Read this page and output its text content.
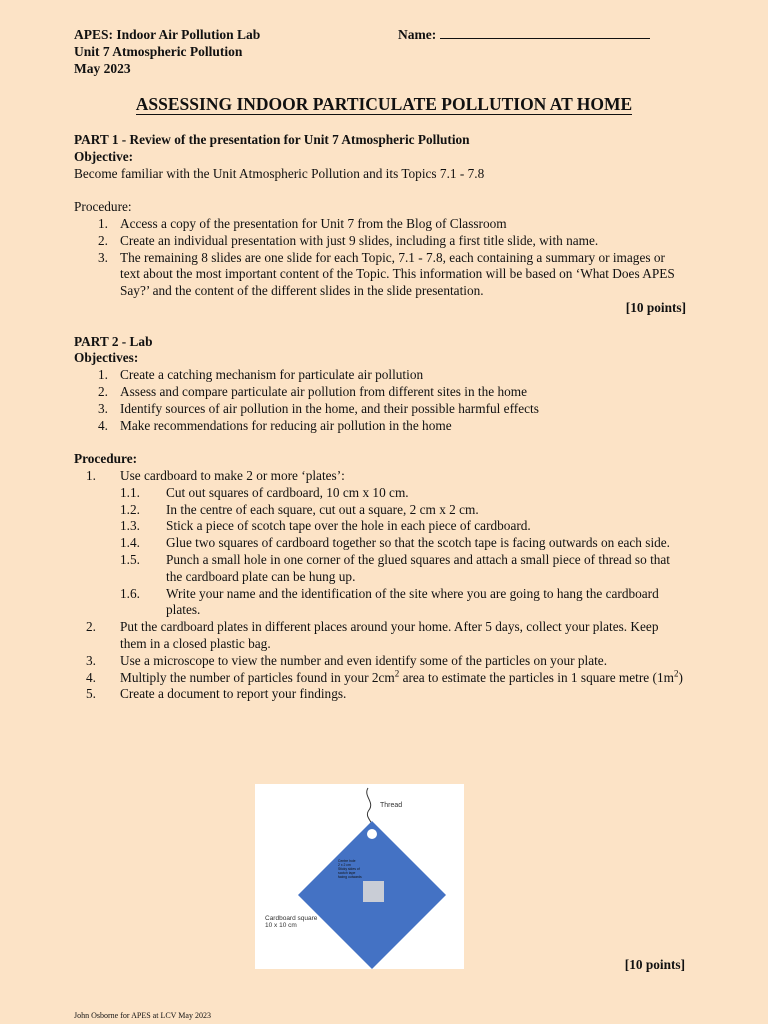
APES: Indoor Air Pollution Lab
Unit 7 Atmospheric Pollution
May 2023
Name:
ASSESSING INDOOR PARTICULATE POLLUTION AT HOME

PART 1 - Review of the presentation for Unit 7 Atmospheric Pollution

Objective:

Become familiar with the Unit Atmospheric Pollution and its Topics 7.1 - 7.8

Procedure:

1. Access a copy of the presentation for Unit 7 from the Blog of Classroom
2. Create an individual presentation with just 9 slides, including a first title slide, with name.
3. The remaining 8 slides are one slide for each Topic, 7.1 - 7.8, each containing a summary or images or text about the most important content of the Topic. This information will be based on ‘What Does APES Say?’ and the content of the different slides in the slide presentation.

[10 points]

PART 2 - Lab

Objectives:

1. Create a catching mechanism for particulate air pollution
2. Assess and compare particulate air pollution from different sites in the home
3. Identify sources of air pollution in the home, and their possible harmful effects
4. Make recommendations for reducing air pollution in the home

Procedure:

1. Use cardboard to make 2 or more ‘plates’:
1.1. Cut out squares of cardboard, 10 cm x 10 cm.
1.2. In the centre of each square, cut out a square, 2 cm x 2 cm.
1.3. Stick a piece of scotch tape over the hole in each piece of cardboard.
1.4. Glue two squares of cardboard together so that the scotch tape is facing outwards on each side.
1.5. Punch a small hole in one corner of the glued squares and attach a small piece of thread so that the cardboard plate can be hung up.
1.6. Write your name and the identification of the site where you are going to hang the cardboard plates.
2. Put the cardboard plates in different places around your home. After 5 days, collect your plates. Keep them in a closed plastic bag.
3. Use a microscope to view the number and even identify some of the particles on your plate.
4. Multiply the number of particles found in your $2cm^2$ area to estimate the particles in 1 square metre $(1m^2)$
5. Create a document to report your findings.
Thread
Cardboard square
10 x 10 cm
Centre hole
2 x 2 cm
Sticky sides of
scotch tape
facing outwards
[10 points]
John Osborne for APES at LCV May 2023
